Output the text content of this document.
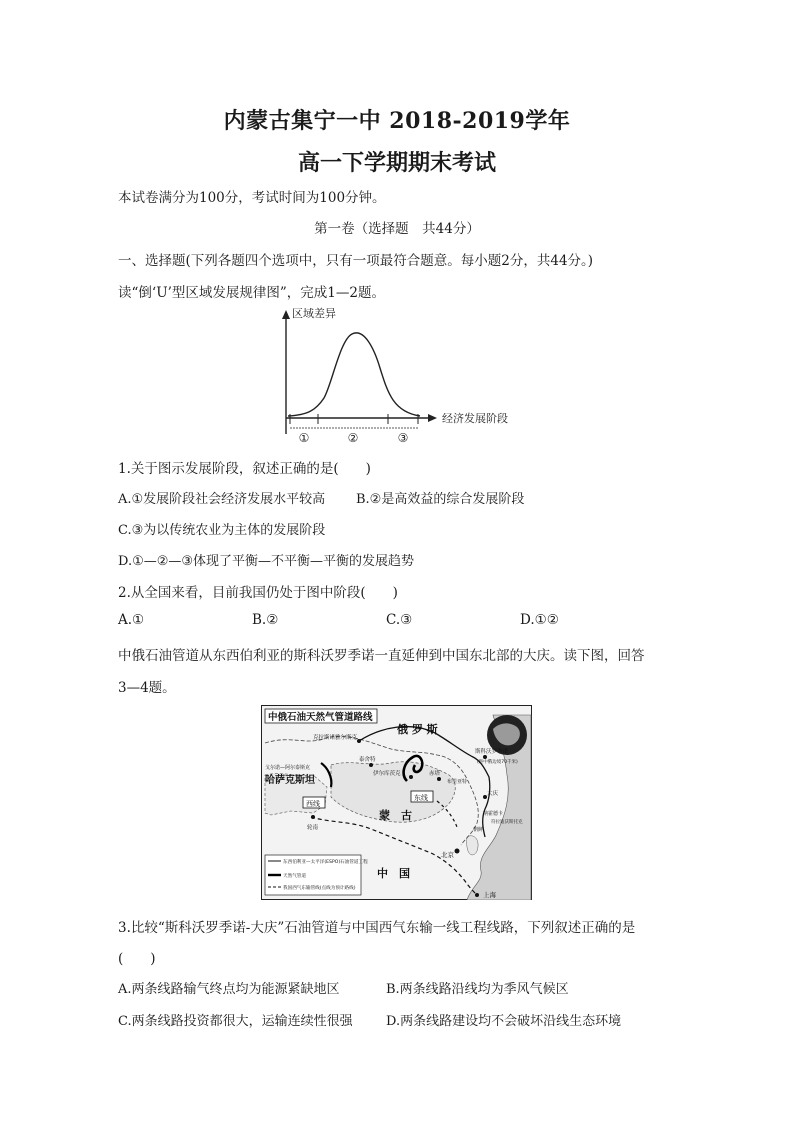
内蒙古集宁一中 2018-2019学年
高一下学期期末考试
本试卷满分为100分，考试时间为100分钟。
第一卷（选择题　共44分）
一、选择题(下列各题四个选项中，只有一项最符合题意。每小题2分，共44分。)
读“倒‘U’型区域发展规律图”，完成1—2题。
区域差异
经济发展阶段
①	②	③
1.关于图示发展阶段，叙述正确的是(　　)
A.①发展阶段社会经济发展水平较高 B.②是高效益的综合发展阶段
C.③为以传统农业为主体的发展阶段
D.①—②—③体现了平衡—不平衡—平衡的发展趋势
2.从全国来看，目前我国仍处于图中阶段(　　)
A.①	B.②	C.③	D.①②
中俄石油管道从东西伯利亚的斯科沃罗季诺一直延伸到中国东北部的大庆。读下图，回答
3—4题。
中俄石油天然气管道路线
俄 罗 斯
蒙　古
中　国
哈萨克斯坦
克拉斯诺雅尔斯克
泰舍特
伊尔库茨克	赤塔
斯科沃罗季诺
(距中俄边境70千米)
大庆
纳霍德卡
北京
上海
轮南
戈尔诺—阿尔泰斯克
布里亚特
朝鲜
符拉迪沃斯托克
西线
东线
东西伯利亚—太平洋(ESPO)石油管道工程
天然气管道
我国西气东输管线(点线为预计路线)
3.比较“斯科沃罗季诺-大庆”石油管道与中国西气东输一线工程线路，下列叙述正确的是
(　　)
A.两条线路输气终点均为能源紧缺地区	B.两条线路沿线均为季风气候区
C.两条线路投资都很大，运输连续性很强	D.两条线路建设均不会破坏沿线生态环境
